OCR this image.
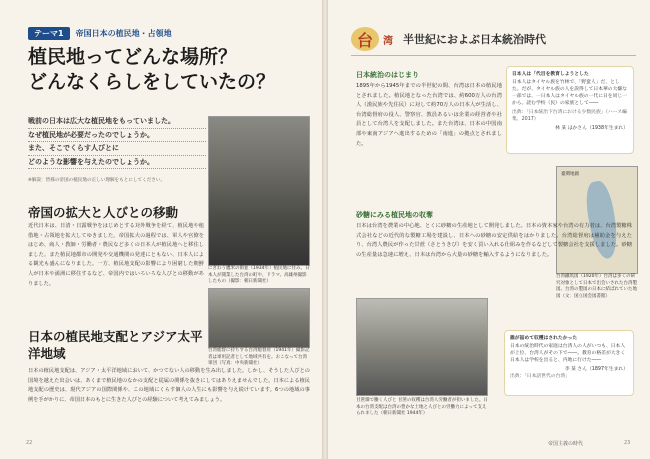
テーマ1	帝国日本の植民地・占領地
植民地ってどんな場所？
どんなくらしをしていたの？
戦前の日本は広大な植民地をもっていました。
なぜ植民地が必要だったのでしょうか。
また、そこでくらす人びとに
どのような影響を与えたのでしょうか。
※解説：皆様の帝国の植民地の正しい理解をもとにしてください。
にぎわう鷹米の街並（1934年）植民地に住み、日本人が開業した台湾の町や、ドラマ、高雄州撮影したもの（撮影：朝日新聞社）
台湾総督に持ちする台湾総督府（1941年）撮影記者は軍用記者として地域共有を。おこなって台湾軍団（写真：中央新聞社）
帝国の拡大と人びとの移動
近代日本は、日清・日露戦争をはじめとする対外戦争を経て、植民地や租借地・占領地を拡大してゆきました。帝国拡大の過程では、軍人や官僚をはじめ、商人・教師・労働者・農民など多くの日本人が植民地へと移住しました。また植民地都市の開発や交通機関の発達にともない、日本人による観光も盛んになりました。一方、植民地支配の影響により困窮した朝鮮人が日本や満洲に移住するなど、帝国内ではいろいろな人びとの移動がありました。
日本の植民地支配とアジア太平洋地域
日本の植民地支配は、アジア・太平洋地域において、かつてない人の移動を生み出しました。しかし、そうした人びとの国境を越えた出会いは、あくまで植民地のなかの支配と従属の関係を抜きにしてはありえませんでした。日本による植民地支配の歴史は、現代アジアの国際関係や、この地域にくらす個人の人生にも影響を与え続けています。6つの地域の事例を手がかりに、帝国日本のもとに生きた人びとの経験について考えてみましょう。
22
台	湾 半世紀におよぶ日本統治時代
日本統治のはじまり
1895年から1945年までの半世紀の間、台湾は日本の植民地とされました。植民地となった台湾では、約600万人の台湾人（漢民族や先住民）に対して約70万人の日本人が生活し、台湾総督府の役人、警察官、教員あるいは企業の経営者や社員として台湾人を支配しました。また台湾は、日本の中国南部や東南アジアへ進出するための「南進」の拠点とされました。
日本人は「代目を教育しようとした
日本人はタイヤル族を竹林で、「野蛮人」だ、とした。だが、タイヤル族の人を説得して日本華の大嫌な一部では、一日本人はタイヤル族の一代に日を同じ一から。読む学校（民）の家族として――
出典：「日本統治下台湾における少数民族」（ハース編集、2017）
林 某 ほかさん（1938年生まれ）
臺灣地圖
台湾鐵筑図（1920年）台湾は多くの研究対象として日本で出会いされた台湾製図。台湾の製図の日本に結ばれていた地図（文：国立国会図書館）
砂糖にみる植民地の収奪
日本は台湾を農業の中心地、とくに砂糖の生産地として開発しました。日本の資本家や台湾の有力者は、台湾製糖株式会社などの近代的な製糖工場を建設し、日本への砂糖の安定供給をはかりました。台湾総督府は補助金を与えたり、台湾人農民が作った甘蔗（さとうきび）を安く買い入れる仕組みを作るなどして製糖会社を支援しました。砂糖の生産量は急速に増え、日本は台湾から大量の砂糖を輸入するようになりました。
甘蔗畑で働く人びと 甘蔗の収穫は台湾人労働者が担いました。日本の台湾支配は台湾の豊かな土地と人びとの労働力によって支えられました（朝日新聞社 1944年）
誰が詰めて収穫はされたかった
日本の統治時代の家庭は台湾人の人がいつも、日本人が上位、台湾人がその下で――。教育の格差が大きく日本人は学校を出ると、内地に行けた――
李 某 さん（1897年生まれ）
出典：「日本語世代の台湾」
帝国主義の時代	23
